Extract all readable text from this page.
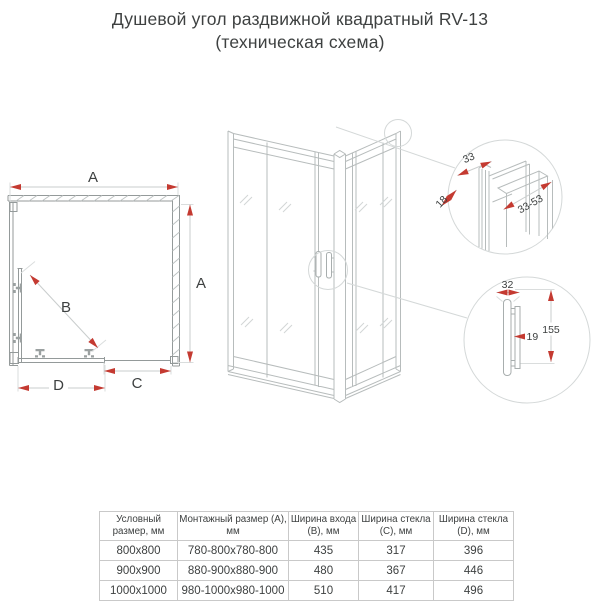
Душевой угол раздвижной квадратный RV-13
(техническая схема)
A
A
B
D	C
33
18	33-53
32
19
155
Условный размер, мм	Монтажный размер (A), мм	Ширина входа (B), мм	Ширина стекла (C), мм	Ширина стекла (D), мм
800x800	780-800x780-800	435	317	396
900x900	880-900x880-900	480	367	446
1000x1000	980-1000x980-1000	510	417	496
